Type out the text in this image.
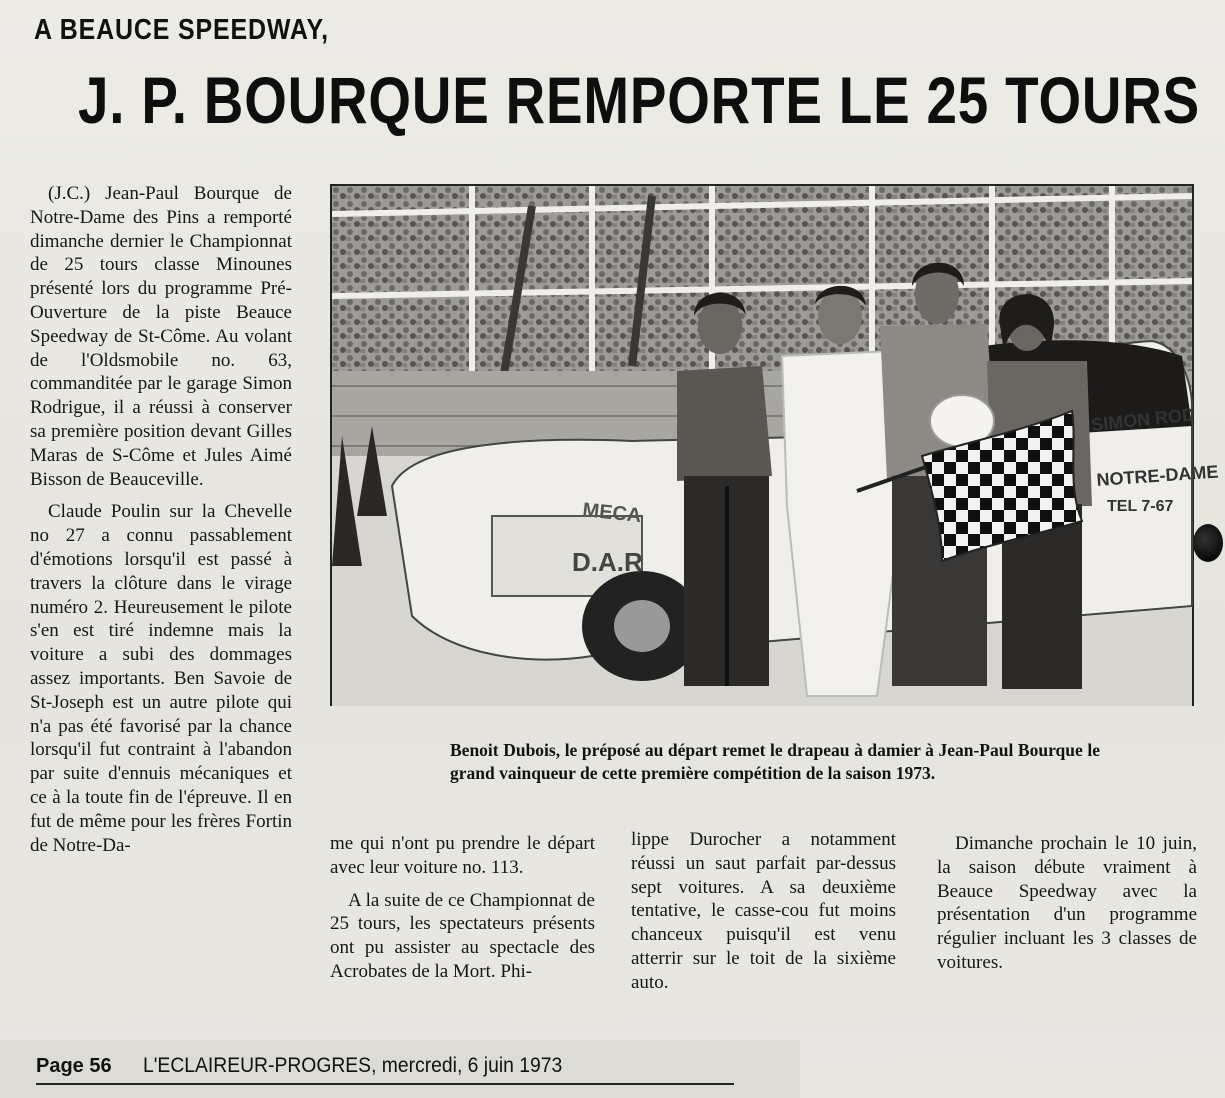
A BEAUCE SPEEDWAY,
J. P. BOURQUE REMPORTE LE 25 TOURS

(J.C.) Jean-Paul Bourque de Notre-Dame des Pins a remporté dimanche dernier le Championnat de 25 tours classe Minounes présenté lors du programme Pré-Ouverture de la piste Beauce Speedway de St-Côme. Au volant de l'Oldsmobile no. 63, commanditée par le garage Simon Rodrigue, il a réussi à conserver sa première position devant Gilles Maras de S-Côme et Jules Aimé Bisson de Beauceville.

Claude Poulin sur la Chevelle no 27 a connu passablement d'émotions lorsqu'il est passé à travers la clôture dans le virage numéro 2. Heureusement le pilote s'en est tiré indemne mais la voiture a subi des dommages assez importants. Ben Savoie de St-Joseph est un autre pilote qui n'a pas été favorisé par la chance lorsqu'il fut contraint à l'abandon par suite d'ennuis mécaniques et ce à la toute fin de l'épreuve. Il en fut de même pour les frères Fortin de Notre-Da-

SIMON ROD
NOTRE-DAME
TEL 7-67
MECA
D.A.R
Benoit Dubois, le préposé au départ remet le drapeau à damier à Jean-Paul Bourque le grand vainqueur de cette première compétition de la saison 1973.

me qui n'ont pu prendre le départ avec leur voiture no. 113.

A la suite de ce Championnat de 25 tours, les spectateurs présents ont pu assister au spectacle des Acrobates de la Mort. Phi-

lippe Durocher a notamment réussi un saut parfait par-dessus sept voitures. A sa deuxième tentative, le casse-cou fut moins chanceux puisqu'il est venu atterrir sur le toit de la sixième auto.

Dimanche prochain le 10 juin, la saison débute vraiment à Beauce Speedway avec la présentation d'un programme régulier incluant les 3 classes de voitures.

Page 56 L'ECLAIREUR-PROGRES, mercredi, 6 juin 1973
